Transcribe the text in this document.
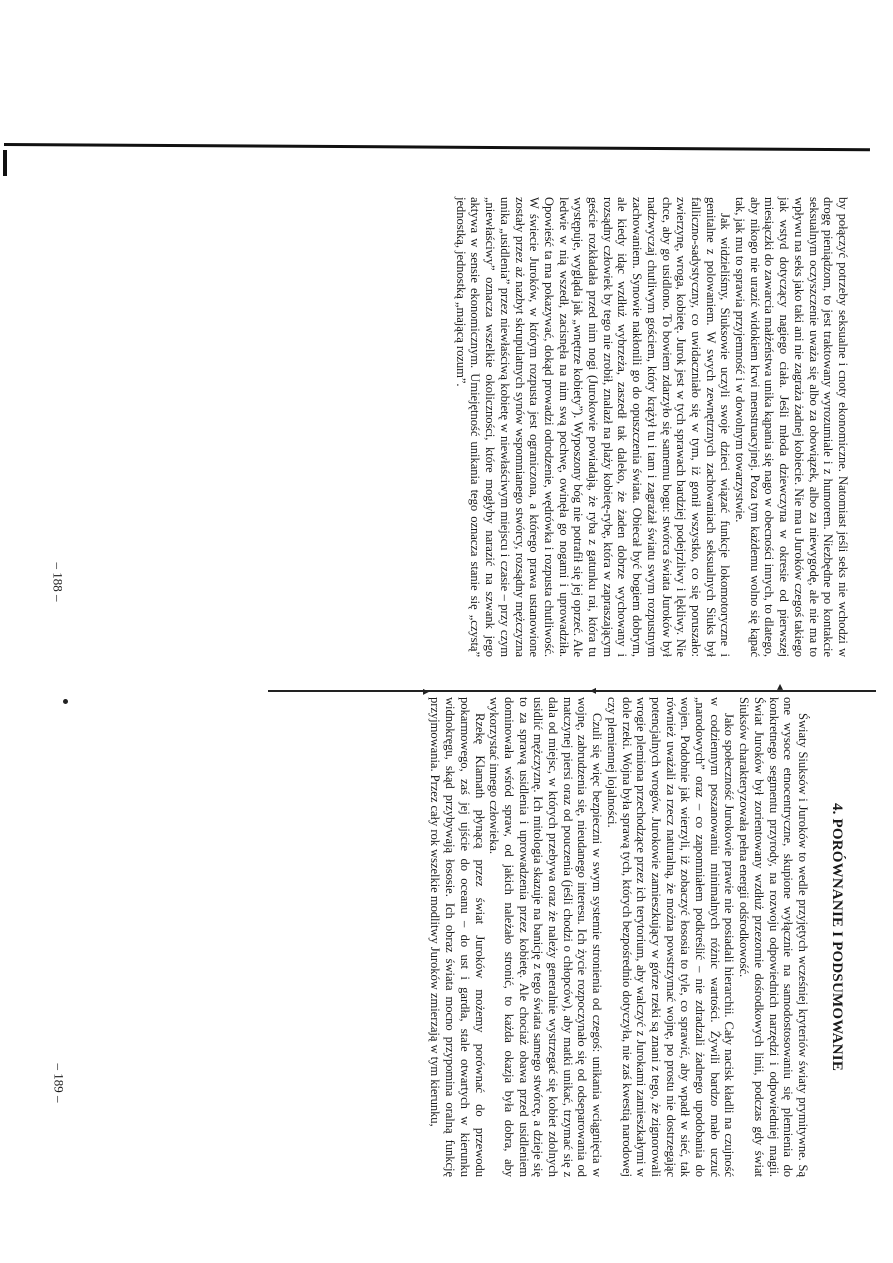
▸	◂	▴

by połączyć potrzeby seksualne i cnoty ekonomiczne. Natomiast jeśli seks nie wchodzi w drogę pieniądzom, to jest traktowany wyrozumiale i z humorem. Niezbędne po kontakcie seksualnym oczyszczenie uważa się albo za obowiązek, albo za niewygodę, ale nie ma to wpływu na seks jako taki ani nie zagraża żadnej kobiecie. Nie ma u Juroków czegoś takiego jak wstyd dotyczący nagiego ciała. Jeśli młoda dziewczyna w okresie od pierwszej miesiączki do zawarcia małżeństwa unika kąpania się nago w obecności innych, to dlatego, aby nikogo nie urazić widokiem krwi menstruacyjnej. Poza tym każdemu wolno się kąpać tak, jak mu to sprawia przyjemność i w dowolnym towarzystwie.

Jak widzieliśmy, Siuksowie uczyli swoje dzieci wiązać funkcje lokomotoryczne i genitalne z polowaniem. W swych zewnętrznych zachowaniach seksualnych Siuks był falliczno-sadystyczny, co uwidaczniało się w tym, iż gonił wszystko, co się poruszało: zwierzynę, wroga, kobietę. Jurok jest w tych sprawach bardziej podejrzliwy i lękliwy. Nie chce, aby go usidlono. To bowiem zdarzyło się samemu bogu: stwórca świata Juroków był nadzwyczaj chutliwym gościem, który krążył tu i tam i zagrażał światu swym rozpustnym zachowaniem. Synowie nakłonili go do opuszczenia świata. Obiecał być bogiem dobrym, ale kiedy idąc wzdłuż wybrzeża, zaszedł tak daleko, że żaden dobrze wychowany i rozsądny człowiek by tego nie zrobił, znalazł na plaży kobietę-rybę, która w zapraszającym geście rozkładała przed nim nogi (Jurokowie powiadają, że ryba z gatunku rai, która tu występuje, wygląda jak „wnętrze kobiety”). Wyposzony bóg nie potrafił się jej oprzeć. Ale ledwie w nią wszedł, zacisnęła na nim swą pochwę, owinęła go nogami i uprowadziła. Opowieść ta ma pokazywać, dokąd prowadzi odrodzenie, wędrówka i rozpusta chutliwość. W świecie Juroków, w którym rozpusta jest ograniczona, a którego prawa ustanowione zostały przez aż nazbyt skrupulatnych synów wspomnianego stwórcy, rozsądny mężczyzna unika „usidlenia” przez niewłaściwą kobietę w niewłaściwym miejscu i czasie – przy czym „niewłaściwy” oznacza wszelkie okoliczności, które mogłyby narazić na szwank jego aktywa w sensie ekonomicznym. Umiejętność unikania tego oznacza stanie się „czystą” jednostką, jednostką „mającą rozum”.

4. PORÓWNANIE I PODSUMOWANIE

Światy Siuksów i Juroków to wedle przyjętych wcześniej kryteriów światy prymitywne. Są one wysoce etnocentryczne, skupione wyłącznie na samodostosowaniu się plemienia do konkretnego segmentu przyrody, na rozwoju odpowiednich narzędzi i odpowiedniej magii. Świat Juroków był zorientowany wzdłuż przezornie dośrodkowych linii, podczas gdy świat Siuksów charakteryzowała pełna energii odśrodkowość.

Jako społeczność Jurokowie prawie nie posiadali hierarchii. Cały nacisk kładli na czujność w codziennym poszanowaniu minimalnych różnic wartości. Żywili bardzo mało uczuć „narodowych” oraz – co zapomniałem podkreślić – nie zdradzali żadnego upodobania do wojen. Podobnie jak wierzyli, iż zobaczyć łososia to tyle, co sprawić, aby wpadł w sieć, tak również uważali za rzecz naturalną, że można powstrzymać wojnę, po prostu nie dostrzegając potencjalnych wrogów. Jurokowie zamieszkujący w górze rzeki są znani z tego, że zignorowali wrogie plemiona przechodzące przez ich terytorium, aby walczyć z Jurokami zamieszkałymi w dole rzeki. Wojna była sprawą tych, których bezpośrednio dotyczyła, nie zaś kwestią narodowej czy plemiennej lojalności.

Czuli się więc bezpieczni w swym systemie stronienia od czegoś: unikania wciągnięcia w wojnę, zabrudzenia się, nieudanego interesu. Ich życie rozpoczynało się od odseparowania od matczynej piersi oraz od pouczenia (jeśli chodzi o chłopców), aby matki unikać, trzymać się z dala od miejsc, w których przebywa oraz że należy generalnie wystrzegać się kobiet zdolnych usidlić mężczyznę. Ich mitologia skazuje na banicję z tego świata samego stwórcę, a dzieje się to za sprawą usidlenia i uprowadzenia przez kobietę. Ale chociaż obawa przed usidleniem dominowała wśród spraw, od jakich należało stronić, to każda okazja była dobra, aby wykorzystać innego człowieka.

Rzekę Klamath płynącą przez świat Juroków możemy porównać do przewodu pokarmowego, zaś jej ujście do oceanu – do ust i gardła, stale otwartych w kierunku widnokręgu, skąd przybywają łososie. Ich obraz świata mocno przypomina oralną funkcję przyjmowania. Przez cały rok wszelkie modlitwy Juroków zmierzają w tym kierunku,

– 188 –
– 189 –
